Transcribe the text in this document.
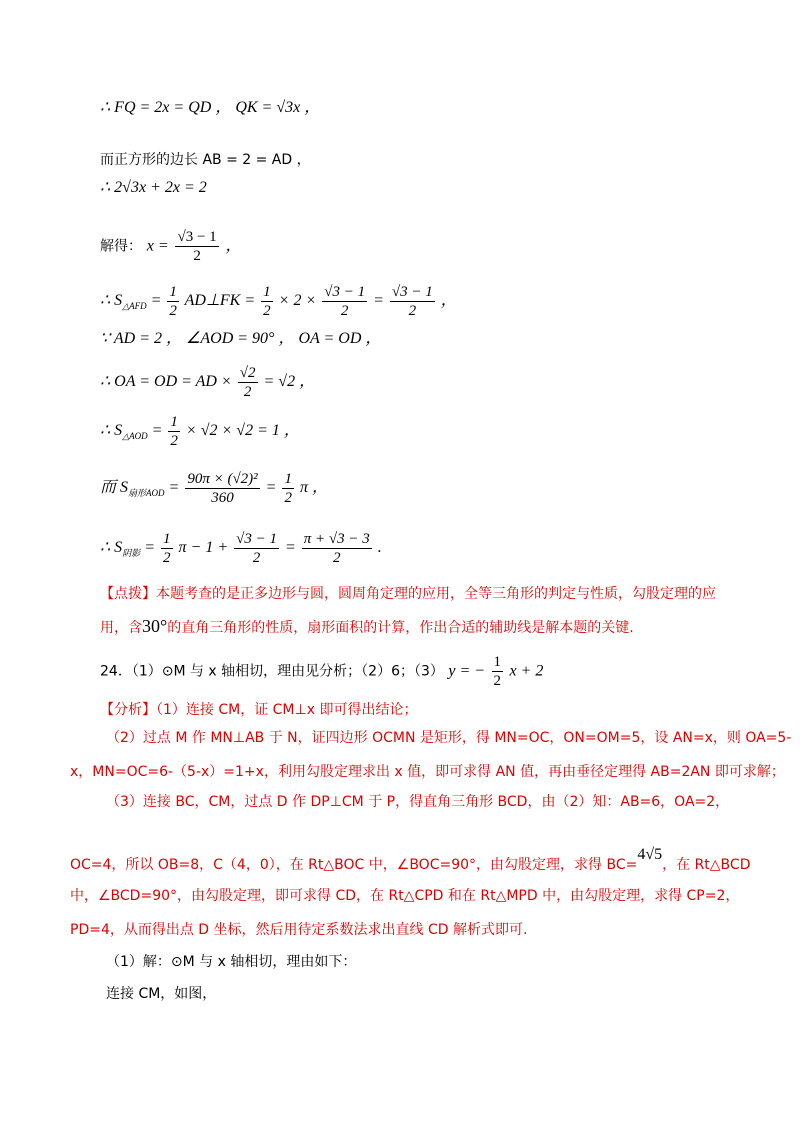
∴ FQ = 2x = QD ， QK = √3x ，
而正方形的边长 AB = 2 = AD ，
∴ 2√3x + 2x = 2
解得： $x = \frac{√3 - 1}{2}$ ，
∴ $S_{\triangle AFD} = \frac{1}{2}$ AD⊥FK = $\frac{1}{2} \times 2 \times \frac{√3 - 1}{2} = \frac{√3 - 1}{2}$ ，
∵ AD = 2 ， ∠AOD = 90° ， OA = OD ，
∴ OA = OD = AD × $\frac{√2}{2} = √2$ ，
∴ $S_{\triangle AOD} = \frac{1}{2} \times √2 \times √2 = 1$ ，
而 $S_{扇形AOD} = \frac{\text{90π × (√2)²}}{360} = \frac{1}{2}$ π ，
∴ $S_{阴影} = \frac{1}{2}$ $\pi - 1 + \frac{√3 - 1}{2} = \frac{\pi + √3 - 3}{2}$ .
【点拨】本题考查的是正多边形与圆，圆周角定理的应用，全等三角形的判定与性质，勾股定理的应
用，含30°的直角三角形的性质，扇形面积的计算，作出合适的辅助线是解本题的关键.
24．（1）⊙M 与 x 轴相切，理由见分析；（2）6；（3） y = − $\frac{1}{2}$ x + 2
【分析】（1）连接 CM，证 CM⊥x 即可得出结论；
（2）过点 M 作 MN⊥AB 于 N，证四边形 OCMN 是矩形，得 MN=OC，ON=OM=5，设 AN=x，则 OA=5-
x，MN=OC=6-（5-x）=1+x，利用勾股定理求出 x 值，即可求得 AN 值，再由垂径定理得 AB=2AN 即可求解；
（3）连接 BC，CM，过点 D 作 DP⊥CM 于 P，得直角三角形 BCD，由（2）知：AB=6，OA=2，
OC=4，所以 OB=8，C（4，0），在 Rt△BOC 中，∠BOC=90°，由勾股定理，求得 BC=4√5，在 Rt△BCD
中，∠BCD=90°，由勾股定理，即可求得 CD，在 Rt△CPD 和在 Rt△MPD 中，由勾股定理，求得 CP=2，
PD=4，从而得出点 D 坐标，然后用待定系数法求出直线 CD 解析式即可.
（1）解：⊙M 与 x 轴相切，理由如下：
连接 CM，如图，
